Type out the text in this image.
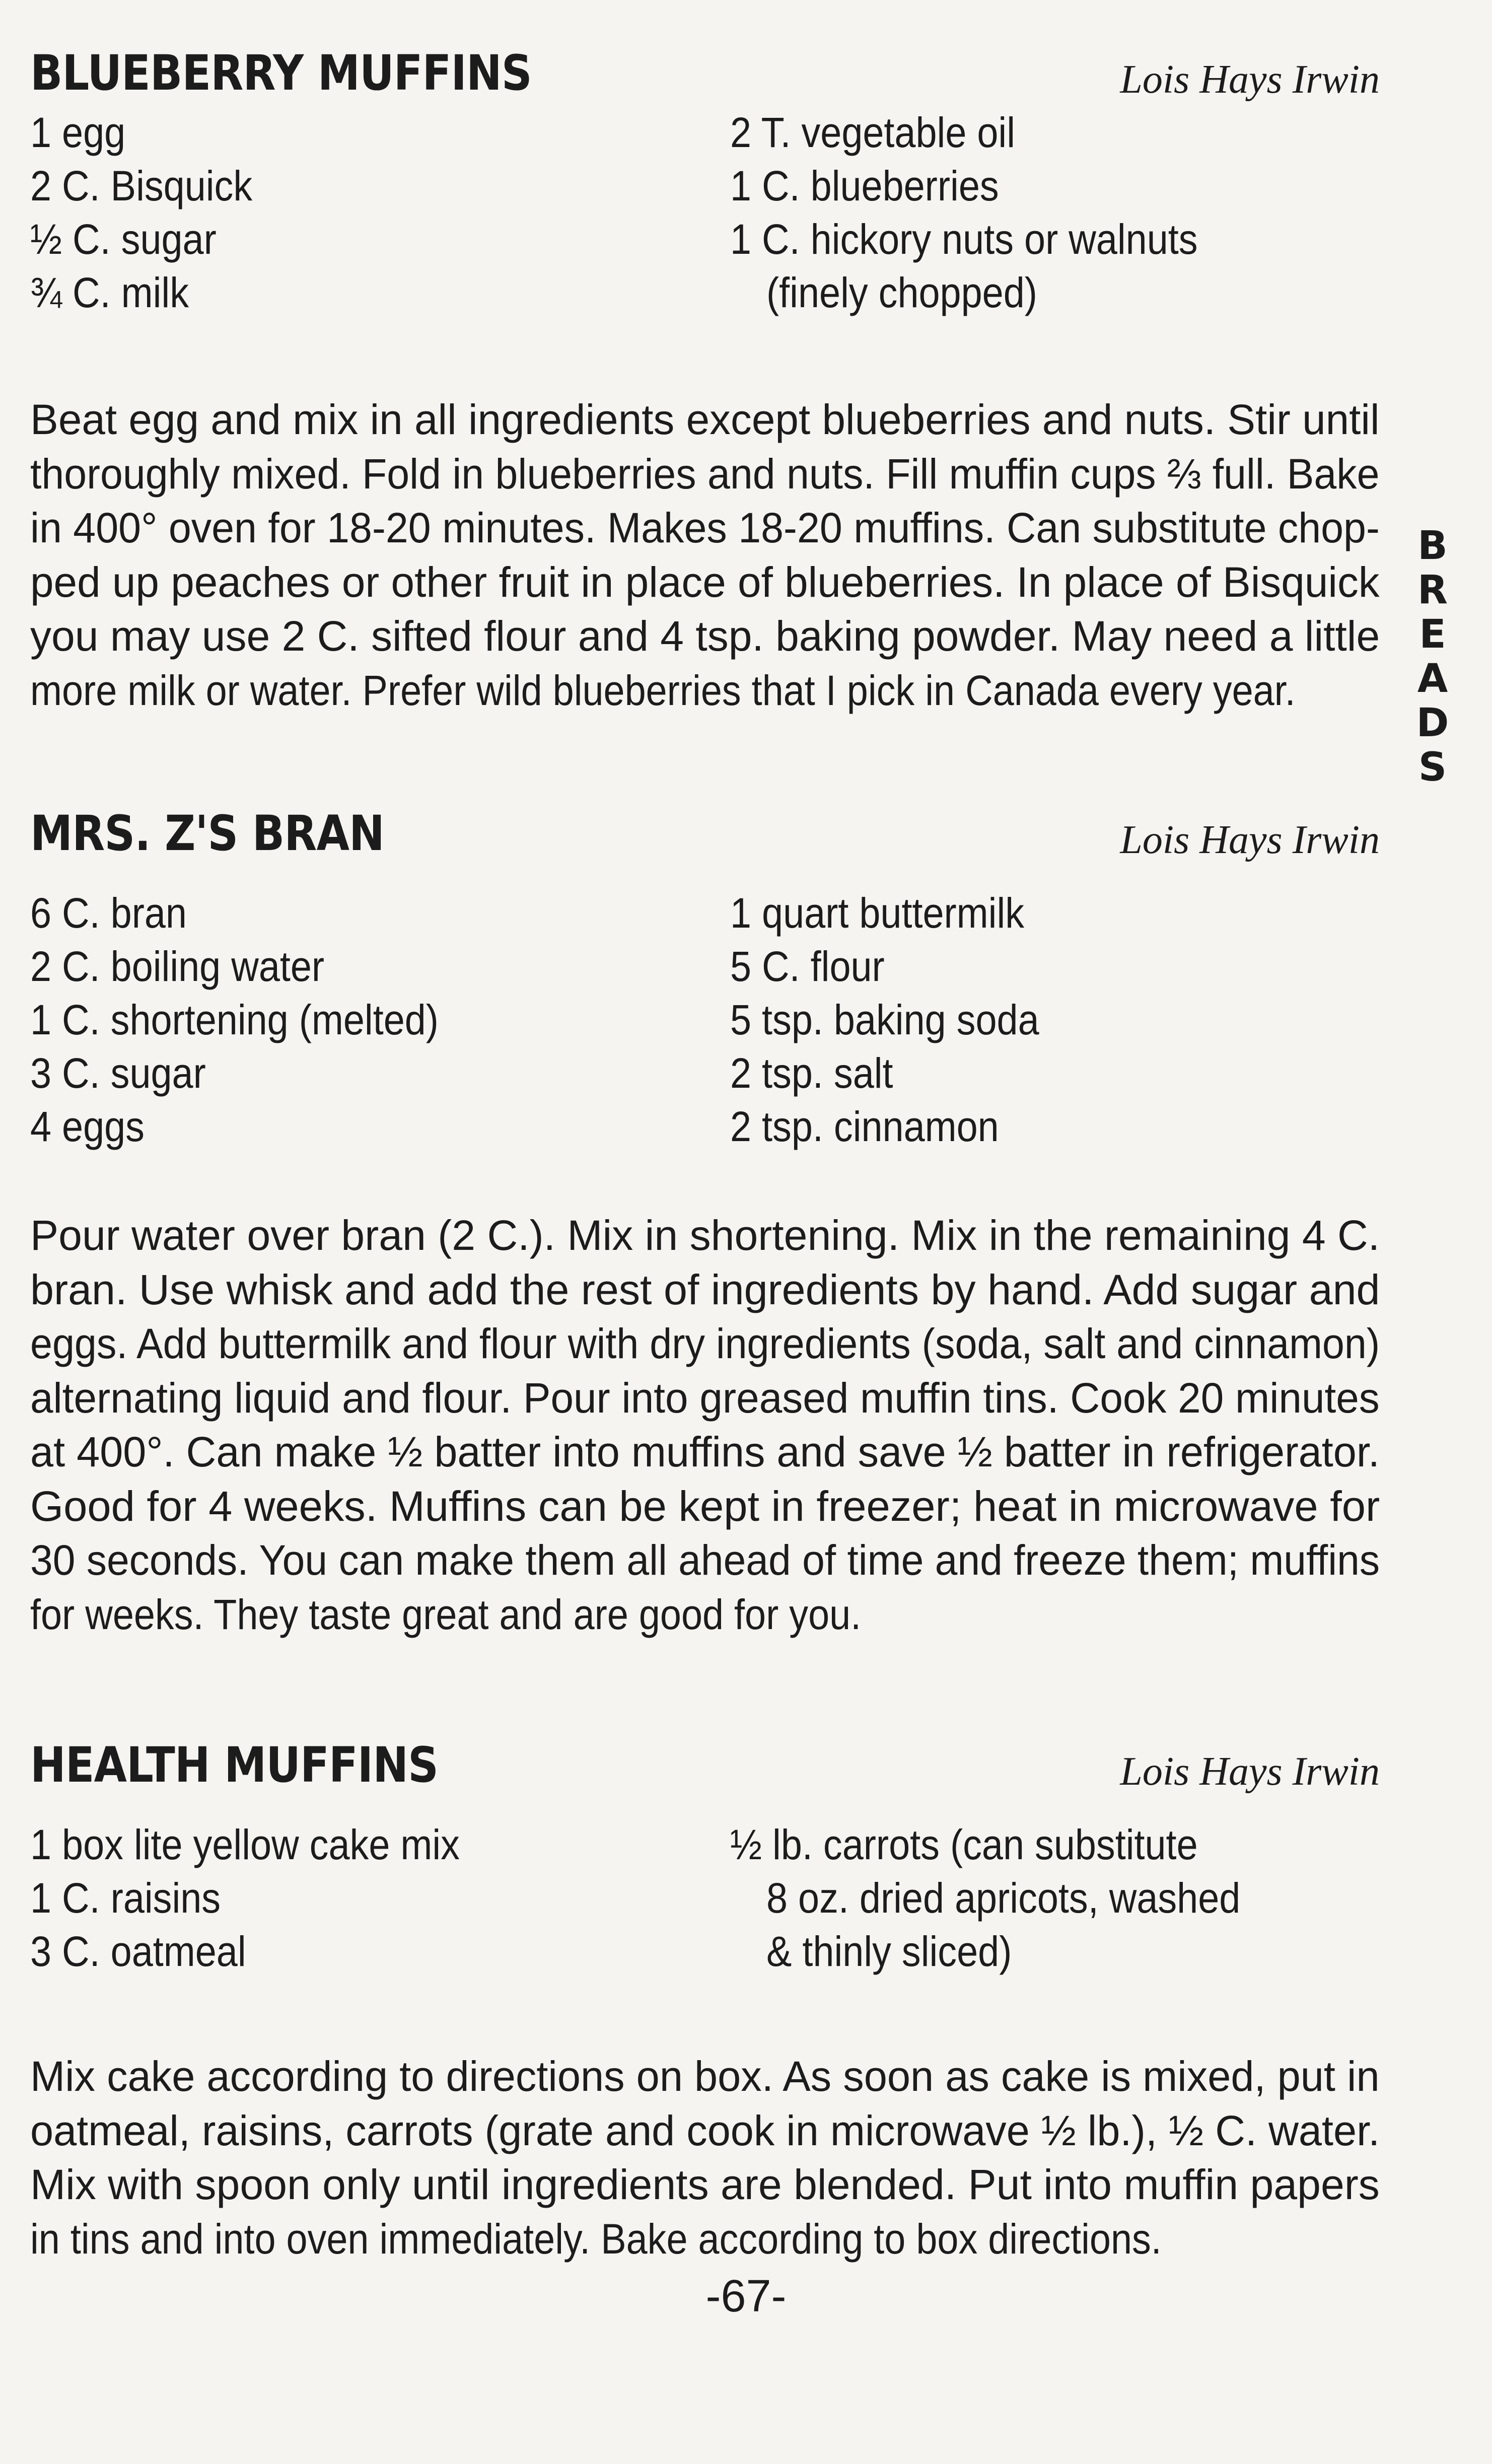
BLUEBERRY MUFFINS	Lois Hays Irwin
1 egg
2 C. Bisquick
½ C. sugar
¾ C. milk
2 T. vegetable oil
1 C. blueberries
1 C. hickory nuts or walnuts
(finely chopped)
Beat egg and mix in all ingredients except blueberries and nuts. Stir until
thoroughly mixed. Fold in blueberries and nuts. Fill muffin cups ⅔ full. Bake
in 400° oven for 18-20 minutes. Makes 18-20 muffins. Can substitute chop-
ped up peaches or other fruit in place of blueberries. In place of Bisquick
you may use 2 C. sifted flour and 4 tsp. baking powder. May need a little
more milk or water. Prefer wild blueberries that I pick in Canada every year.
MRS. Z'S BRAN	Lois Hays Irwin
6 C. bran
2 C. boiling water
1 C. shortening (melted)
3 C. sugar
4 eggs
1 quart buttermilk
5 C. flour
5 tsp. baking soda
2 tsp. salt
2 tsp. cinnamon
Pour water over bran (2 C.). Mix in shortening. Mix in the remaining 4 C.
bran. Use whisk and add the rest of ingredients by hand. Add sugar and
eggs. Add buttermilk and flour with dry ingredients (soda, salt and cinnamon)
alternating liquid and flour. Pour into greased muffin tins. Cook 20 minutes
at 400°. Can make ½ batter into muffins and save ½ batter in refrigerator.
Good for 4 weeks. Muffins can be kept in freezer; heat in microwave for
30 seconds. You can make them all ahead of time and freeze them; muffins
for weeks. They taste great and are good for you.
HEALTH MUFFINS	Lois Hays Irwin
1 box lite yellow cake mix
1 C. raisins
3 C. oatmeal
½ lb. carrots (can substitute
8 oz. dried apricots, washed
& thinly sliced)
Mix cake according to directions on box. As soon as cake is mixed, put in
oatmeal, raisins, carrots (grate and cook in microwave ½ lb.), ½ C. water.
Mix with spoon only until ingredients are blended. Put into muffin papers
in tins and into oven immediately. Bake according to box directions.
B
R
E
A
D
S
-67-
